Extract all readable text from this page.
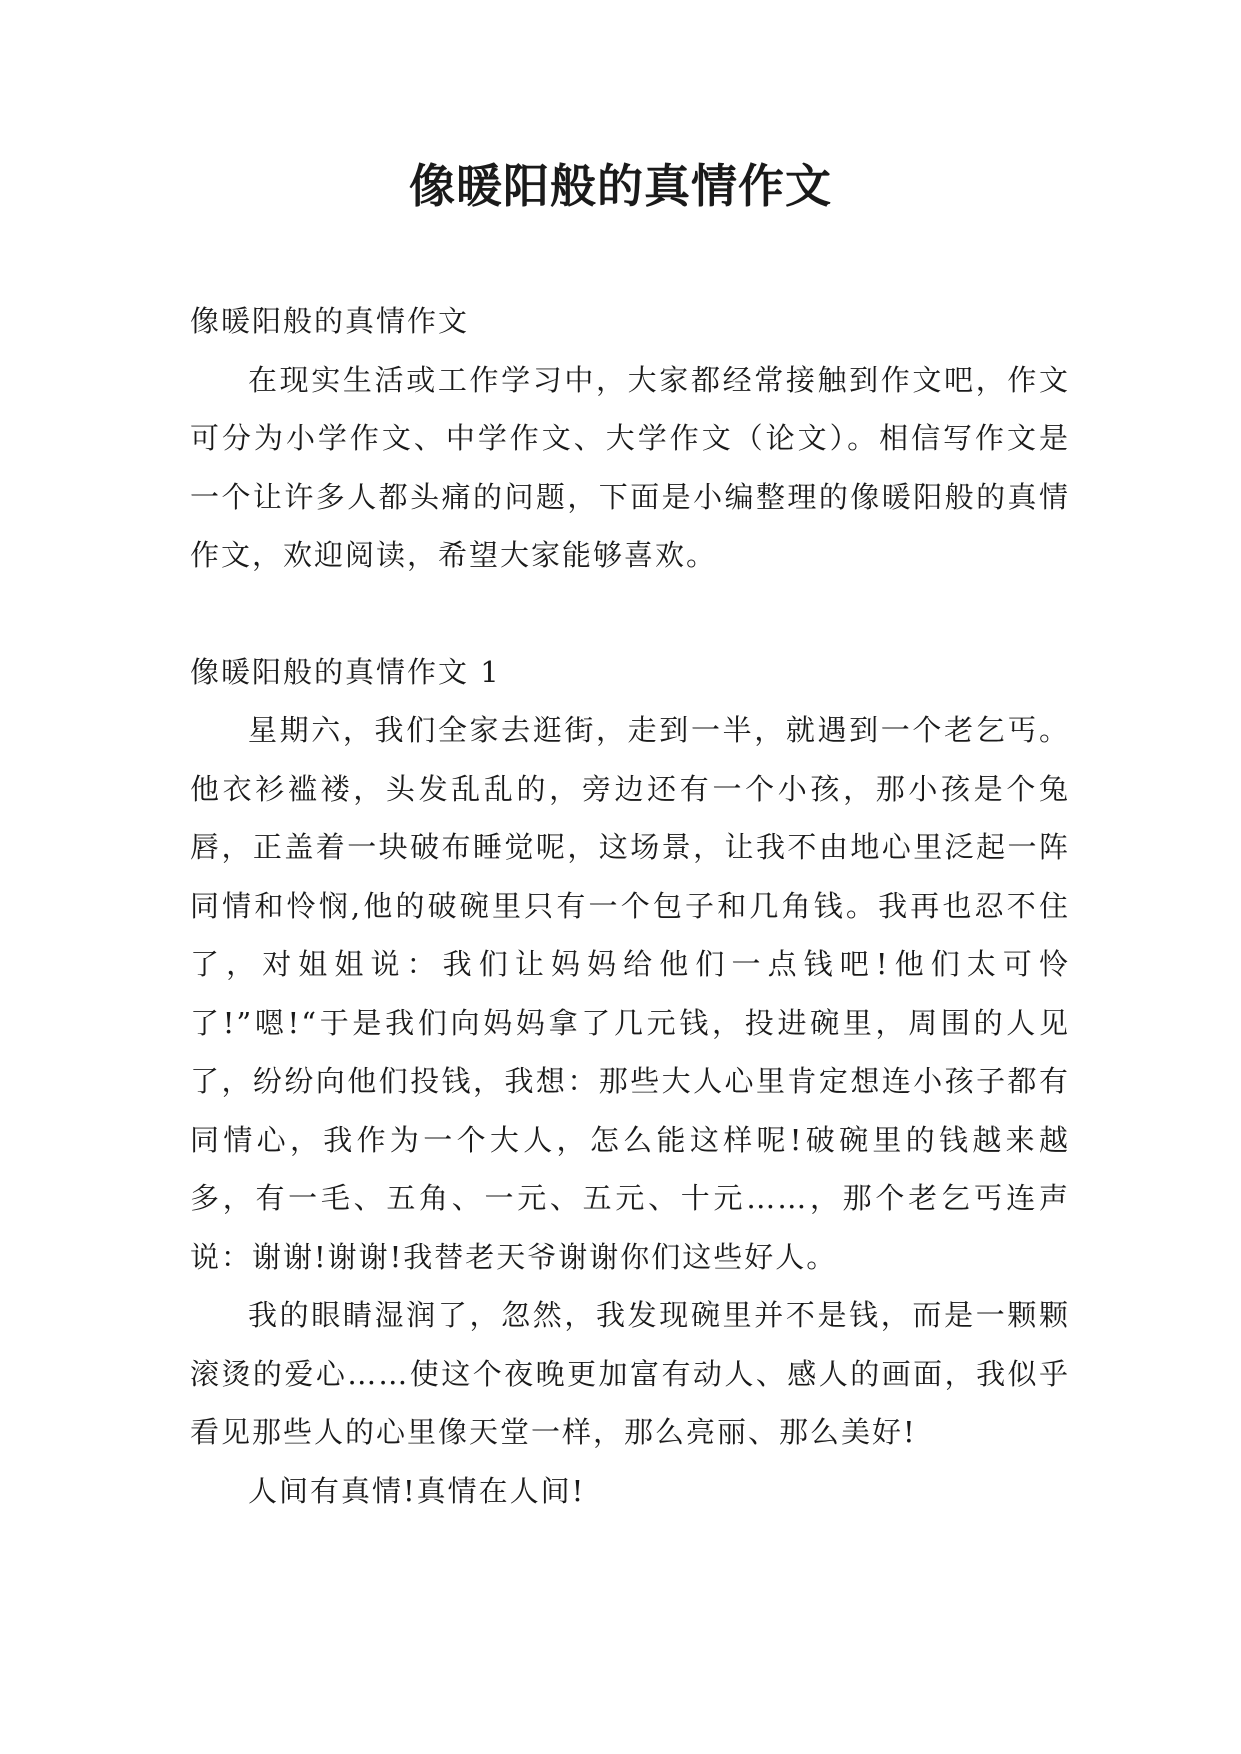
像暖阳般的真情作文

像暖阳般的真情作文

在现实生活或工作学习中，大家都经常接触到作文吧，作文可分为小学作文、中学作文、大学作文（论文）。相信写作文是一个让许多人都头痛的问题，下面是小编整理的像暖阳般的真情作文，欢迎阅读，希望大家能够喜欢。

像暖阳般的真情作文 1

星期六，我们全家去逛街，走到一半，就遇到一个老乞丐。他衣衫褴褛，头发乱乱的，旁边还有一个小孩，那小孩是个兔唇，正盖着一块破布睡觉呢，这场景，让我不由地心里泛起一阵同情和怜悯,他的破碗里只有一个包子和几角钱。我再也忍不住了，对姐姐说：我们让妈妈给他们一点钱吧!他们太可怜了!”嗯!“于是我们向妈妈拿了几元钱，投进碗里，周围的人见了，纷纷向他们投钱，我想：那些大人心里肯定想连小孩子都有同情心，我作为一个大人，怎么能这样呢!破碗里的钱越来越多，有一毛、五角、一元、五元、十元……，那个老乞丐连声说：谢谢!谢谢!我替老天爷谢谢你们这些好人。

我的眼睛湿润了，忽然，我发现碗里并不是钱，而是一颗颗滚烫的爱心……使这个夜晚更加富有动人、感人的画面，我似乎看见那些人的心里像天堂一样，那么亮丽、那么美好!

人间有真情!真情在人间!
